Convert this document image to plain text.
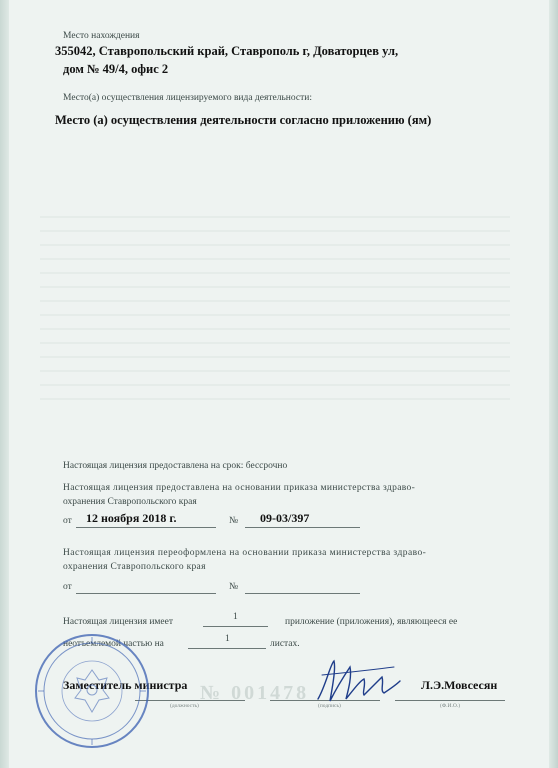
Место нахождения
355042, Ставропольский край, Ставрополь г, Доваторцев ул,
дом № 49/4, офис 2
Место(а) осуществления лицензируемого вида деятельности:
Место (а) осуществления деятельности согласно приложению (ям)
Настоящая лицензия предоставлена на срок: бессрочно
Настоящая лицензия предоставлена на основании приказа министерства здраво-
охранения Ставропольского края
от 12 ноября 2018 г.	№ 09-03/397
Настоящая лицензия переоформлена на основании приказа министерства здраво-
охранения Ставропольского края
от	№
Настоящая лицензия имеет	1	приложение (приложения), являющееся ее
неотъемлемой частью на	1	листах.
№ 001478
Заместитель министра	Л.Э.Мовсесян
(должность)	(подпись)	(Ф.И.О.)
